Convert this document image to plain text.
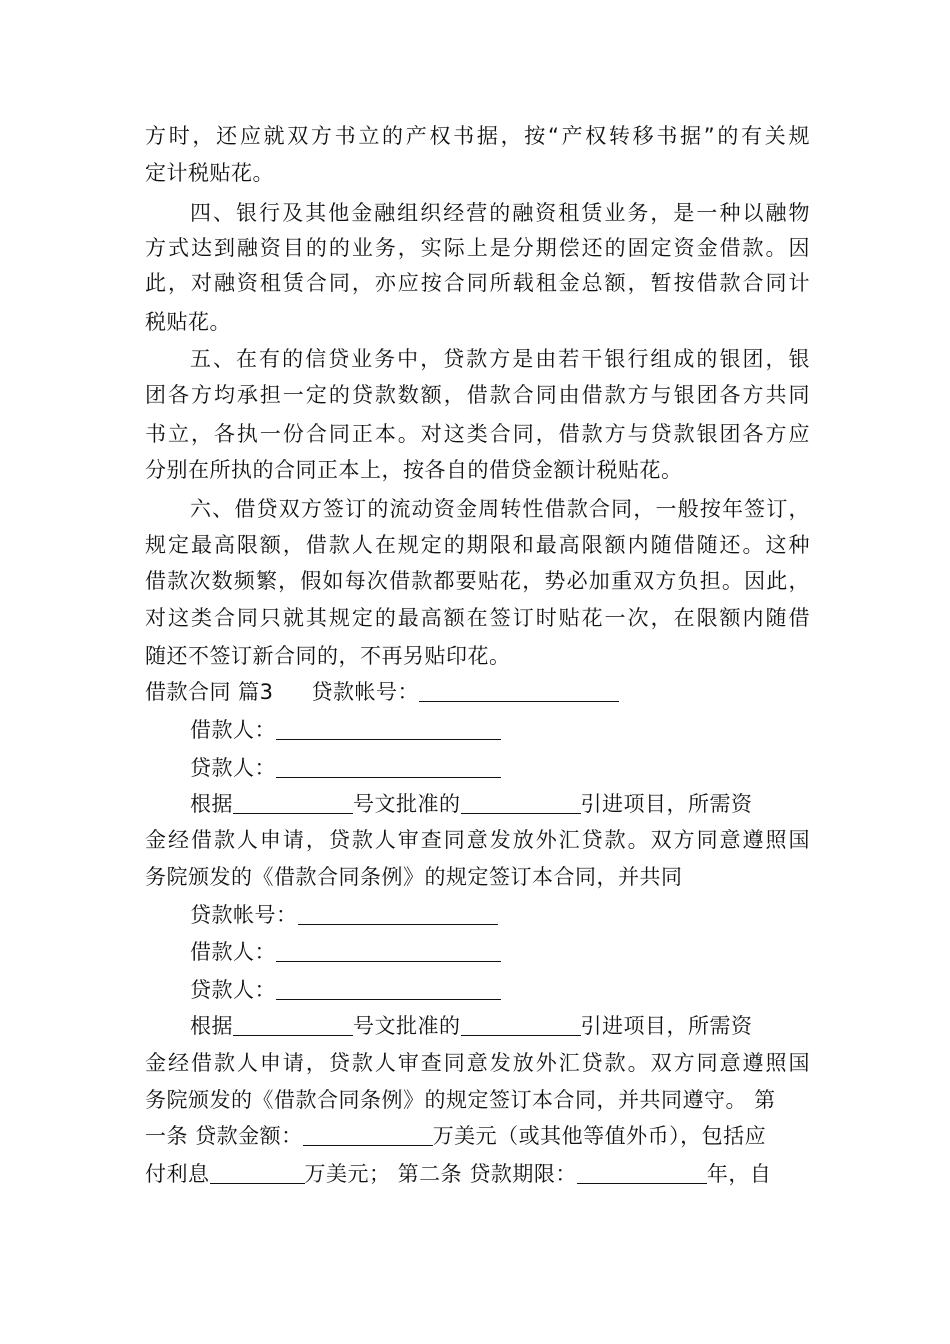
方时，还应就双方书立的产权书据，按“产权转移书据”的有关规
定计税贴花。
四、银行及其他金融组织经营的融资租赁业务，是一种以融物
方式达到融资目的的业务，实际上是分期偿还的固定资金借款。因
此，对融资租赁合同，亦应按合同所载租金总额，暂按借款合同计
税贴花。
五、在有的信贷业务中，贷款方是由若干银行组成的银团，银
团各方均承担一定的贷款数额，借款合同由借款方与银团各方共同
书立，各执一份合同正本。对这类合同，借款方与贷款银团各方应
分别在所执的合同正本上，按各自的借贷金额计税贴花。
六、借贷双方签订的流动资金周转性借款合同，一般按年签订，
规定最高限额，借款人在规定的期限和最高限额内随借随还。这种
借款次数频繁，假如每次借款都要贴花，势必加重双方负担。因此，
对这类合同只就其规定的最高额在签订时贴花一次，在限额内随借
随还不签订新合同的，不再另贴印花。
借款合同 篇3 贷款帐号：
借款人：
贷款人：
根据	号文批准的	引进项目，所需资
金经借款人申请，贷款人审查同意发放外汇贷款。双方同意遵照国
务院颁发的《借款合同条例》的规定签订本合同，并共同
贷款帐号：
借款人：
贷款人：
根据	号文批准的	引进项目，所需资
金经借款人申请，贷款人审查同意发放外汇贷款。双方同意遵照国
务院颁发的《借款合同条例》的规定签订本合同，并共同遵守。 第
一条 贷款金额：	万美元（或其他等值外币），包括应
付利息	万美元； 第二条 贷款期限：	年，自
